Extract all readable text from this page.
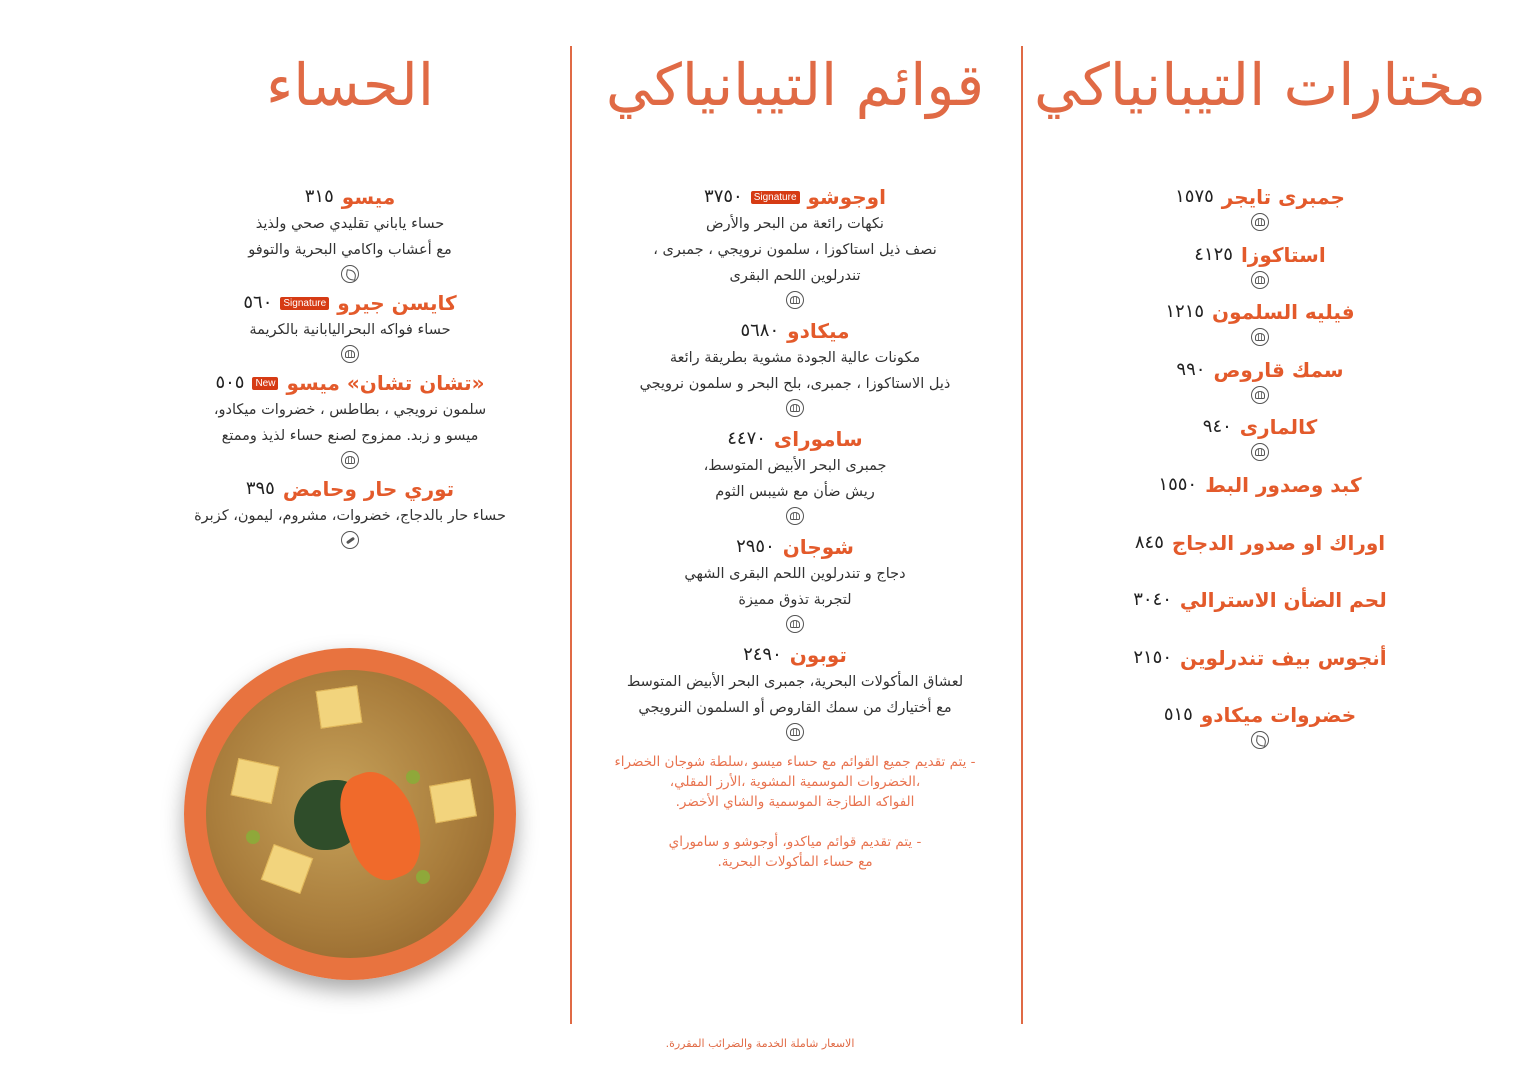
مختارات التيبانياكي
جمبرى تايجر
١٥٧٥
استاكوزا
٤١٢٥
فيليه السلمون
١٢١٥
سمك قاروص
٩٩٠
كالمارى
٩٤٠
كبد وصدور البط
١٥٥٠
اوراك او صدور الدجاج
٨٤٥
لحم الضأن الاسترالي
٣٠٤٠
أنجوس بيف تندرلوين
٢١٥٠
خضروات ميكادو
٥١٥
قوائم التيبانياكي
اوجوشو
Signature
٣٧٥٠
نكهات رائعة من البحر والأرض
نصف ذيل استاكوزا ، سلمون نرويجي ، جمبرى ،
تندرلوين اللحم البقرى
ميكادو
٥٦٨٠
مكونات عالية الجودة مشوية بطريقة رائعة
ذيل الاستاكوزا ، جمبرى، بلح البحر و سلمون نرويجي
ساموراى
٤٤٧٠
جمبرى البحر الأبيض المتوسط،
ريش ضأن مع شيبس الثوم
شوجان
٢٩٥٠
دجاج و تندرلوين اللحم البقرى الشهي
لتجربة تذوق مميزة
توبون
٢٤٩٠
لعشاق المأكولات البحرية، جمبرى البحر الأبيض المتوسط
مع أختيارك من سمك القاروص أو السلمون النرويجي

- يتم تقديم جميع القوائم مع حساء ميسو ،سلطة شوجان الخضراء
،الخضروات الموسمية المشوية ،الأرز المقلي،
الفواكه الطازجة الموسمية والشاي الأخضر.

- يتم تقديم قوائم مياكدو، أوجوشو و ساموراي
مع حساء المأكولات البحرية.

الحساء
ميسو
٣١٥
حساء ياباني تقليدي صحي ولذيذ
مع أعشاب واكامي البحرية والتوفو
كايسن جيرو
Signature
٥٦٠
حساء فواكه البحراليابانية بالكريمة
«تشان تشان» ميسو
New
٥٠٥
سلمون نرويجي ، بطاطس ، خضروات ميكادو،
ميسو و زبد. ممزوج لصنع حساء لذيذ وممتع
توري حار وحامض
٣٩٥
حساء حار بالدجاج، خضروات، مشروم، ليمون، كزبرة
الاسعار شاملة الخدمة والضرائب المقررة.
